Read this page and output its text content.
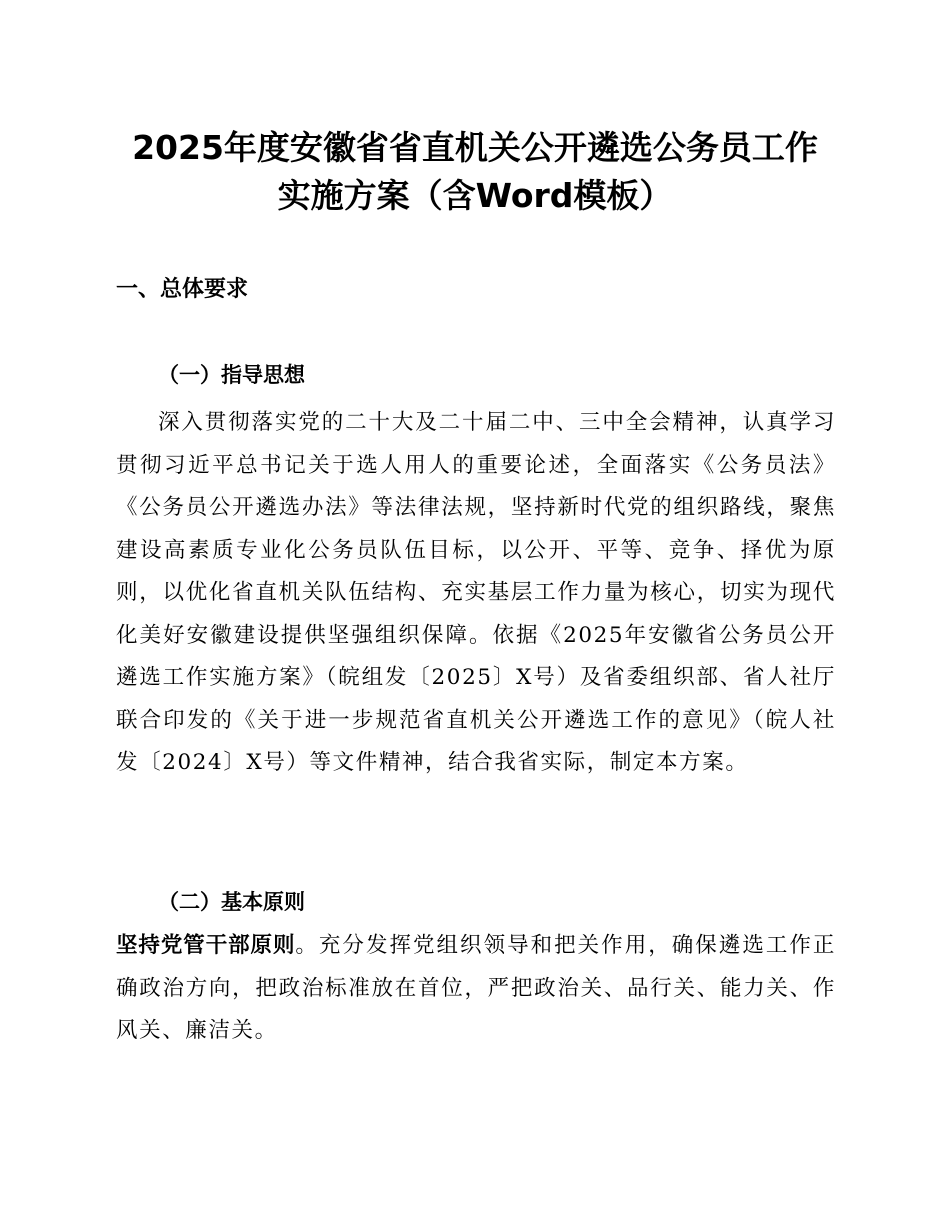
2025年度安徽省省直机关公开遴选公务员工作
实施方案（含Word模板）
一、总体要求
（一）指导思想

深入贯彻落实党的二十大及二十届二中、三中全会精神，认真学习贯彻习近平总书记关于选人用人的重要论述，全面落实《公务员法》《公务员公开遴选办法》等法律法规，坚持新时代党的组织路线，聚焦建设高素质专业化公务员队伍目标，以公开、平等、竞争、择优为原则，以优化省直机关队伍结构、充实基层工作力量为核心，切实为现代化美好安徽建设提供坚强组织保障。依据《2025年安徽省公务员公开遴选工作实施方案》（皖组发〔2025〕X号）及省委组织部、省人社厅联合印发的《关于进一步规范省直机关公开遴选工作的意见》（皖人社发〔2024〕X号）等文件精神，结合我省实际，制定本方案。

（二）基本原则

坚持党管干部原则。充分发挥党组织领导和把关作用，确保遴选工作正确政治方向，把政治标准放在首位，严把政治关、品行关、能力关、作风关、廉洁关。
